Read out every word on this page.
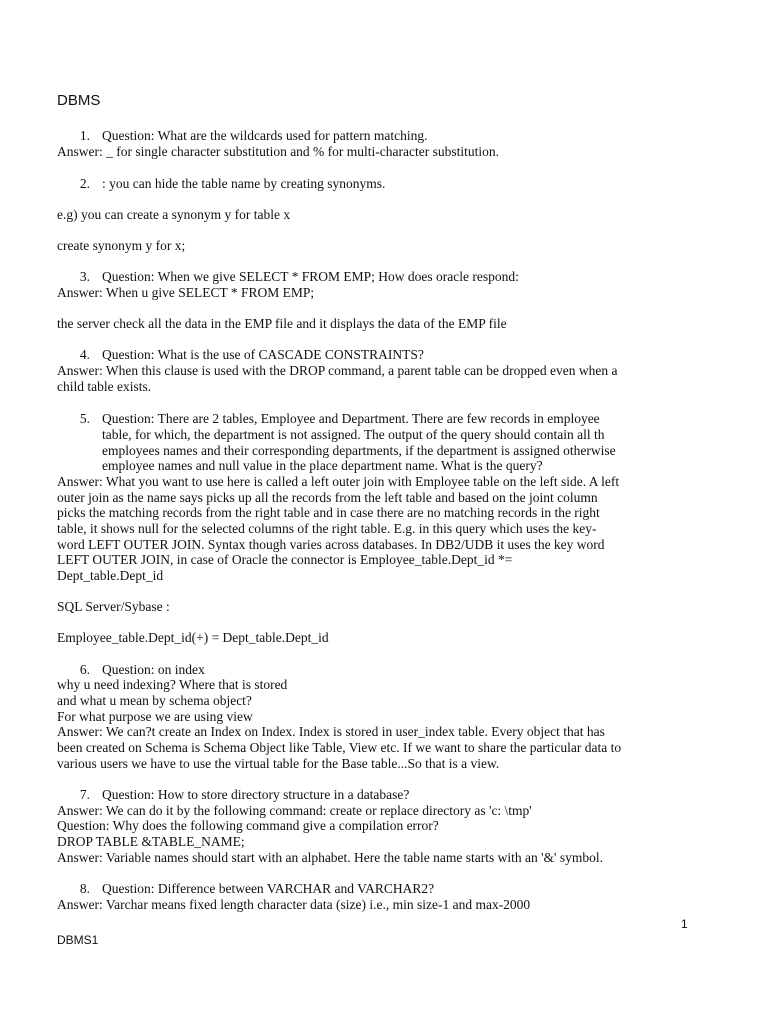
DBMS
1. Question: What are the wildcards used for pattern matching.
Answer: _ for single character substitution and % for multi-character substitution.
2. : you can hide the table name by creating synonyms.
e.g) you can create a synonym y for table x
create synonym y for x;
3. Question: When we give SELECT * FROM EMP; How does oracle respond:
Answer: When u give SELECT * FROM EMP;
the server check all the data in the EMP file and it displays the data of the EMP file
4. Question: What is the use of CASCADE CONSTRAINTS?
Answer: When this clause is used with the DROP command, a parent table can be dropped even when a
child table exists.
5. Question: There are 2 tables, Employee and Department. There are few records in employee
table, for which, the department is not assigned. The output of the query should contain all th
employees names and their corresponding departments, if the department is assigned otherwise
employee names and null value in the place department name. What is the query?
Answer: What you want to use here is called a left outer join with Employee table on the left side. A left
outer join as the name says picks up all the records from the left table and based on the joint column
picks the matching records from the right table and in case there are no matching records in the right
table, it shows null for the selected columns of the right table. E.g. in this query which uses the key-
word LEFT OUTER JOIN. Syntax though varies across databases. In DB2/UDB it uses the key word
LEFT OUTER JOIN, in case of Oracle the connector is Employee_table.Dept_id *=
Dept_table.Dept_id
SQL Server/Sybase :
Employee_table.Dept_id(+) = Dept_table.Dept_id
6. Question: on index
why u need indexing? Where that is stored
and what u mean by schema object?
For what purpose we are using view
Answer: We can?t create an Index on Index. Index is stored in user_index table. Every object that has
been created on Schema is Schema Object like Table, View etc. If we want to share the particular data to
various users we have to use the virtual table for the Base table...So that is a view.
7. Question: How to store directory structure in a database?
Answer: We can do it by the following command: create or replace directory as 'c: \tmp'
Question: Why does the following command give a compilation error?
DROP TABLE &TABLE_NAME;
Answer: Variable names should start with an alphabet. Here the table name starts with an '&' symbol.
8. Question: Difference between VARCHAR and VARCHAR2?
Answer: Varchar means fixed length character data (size) i.e., min size-1 and max-2000
1
DBMS1
